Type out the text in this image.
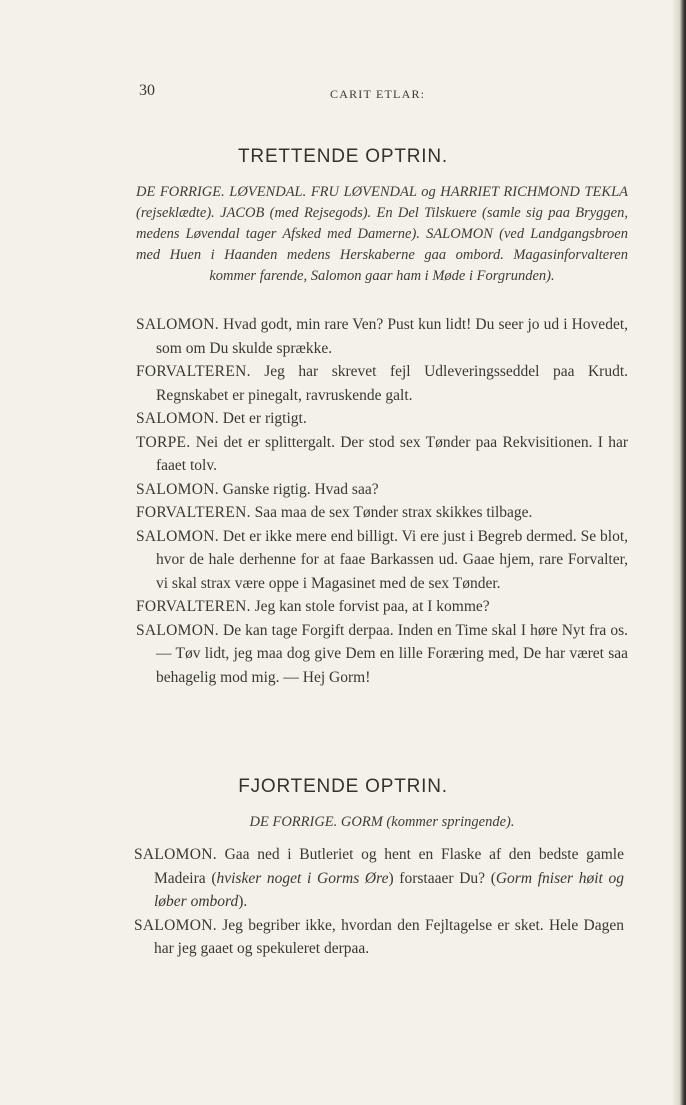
30	CARIT ETLAR:
TRETTENDE OPTRIN.
DE FORRIGE. LØVENDAL. FRU LØVENDAL og HARRIET RICHMOND TEKLA (rejseklædte). JACOB (med Rejsegods). En Del Tilskuere (samle sig paa Bryggen, medens Løvendal tager Afsked med Damerne). SALOMON (ved Landgangsbroen med Huen i Haanden medens Herskaberne gaa ombord. Magasinforvalteren kommer farende, Salomon gaar ham i Møde i Forgrunden).

SALOMON. Hvad godt, min rare Ven? Pust kun lidt! Du seer jo ud i Hovedet, som om Du skulde sprække.

FORVALTEREN. Jeg har skrevet fejl Udleveringsseddel paa Krudt. Regnskabet er pinegalt, ravruskende galt.

SALOMON. Det er rigtigt.

TORPE. Nei det er splittergalt. Der stod sex Tønder paa Rekvisitionen. I har faaet tolv.

SALOMON. Ganske rigtig. Hvad saa?

FORVALTEREN. Saa maa de sex Tønder strax skikkes tilbage.

SALOMON. Det er ikke mere end billigt. Vi ere just i Begreb dermed. Se blot, hvor de hale derhenne for at faae Barkassen ud. Gaae hjem, rare Forvalter, vi skal strax være oppe i Magasinet med de sex Tønder.

FORVALTEREN. Jeg kan stole forvist paa, at I komme?

SALOMON. De kan tage Forgift derpaa. Inden en Time skal I høre Nyt fra os. — Tøv lidt, jeg maa dog give Dem en lille Foræring med, De har været saa behagelig mod mig. — Hej Gorm!

FJORTENDE OPTRIN.
DE FORRIGE. GORM (kommer springende).

SALOMON. Gaa ned i Butleriet og hent en Flaske af den bedste gamle Madeira (hvisker noget i Gorms Øre) forstaaer Du? (Gorm fniser høit og løber ombord).

SALOMON. Jeg begriber ikke, hvordan den Fejltagelse er sket. Hele Dagen har jeg gaaet og spekuleret derpaa.
